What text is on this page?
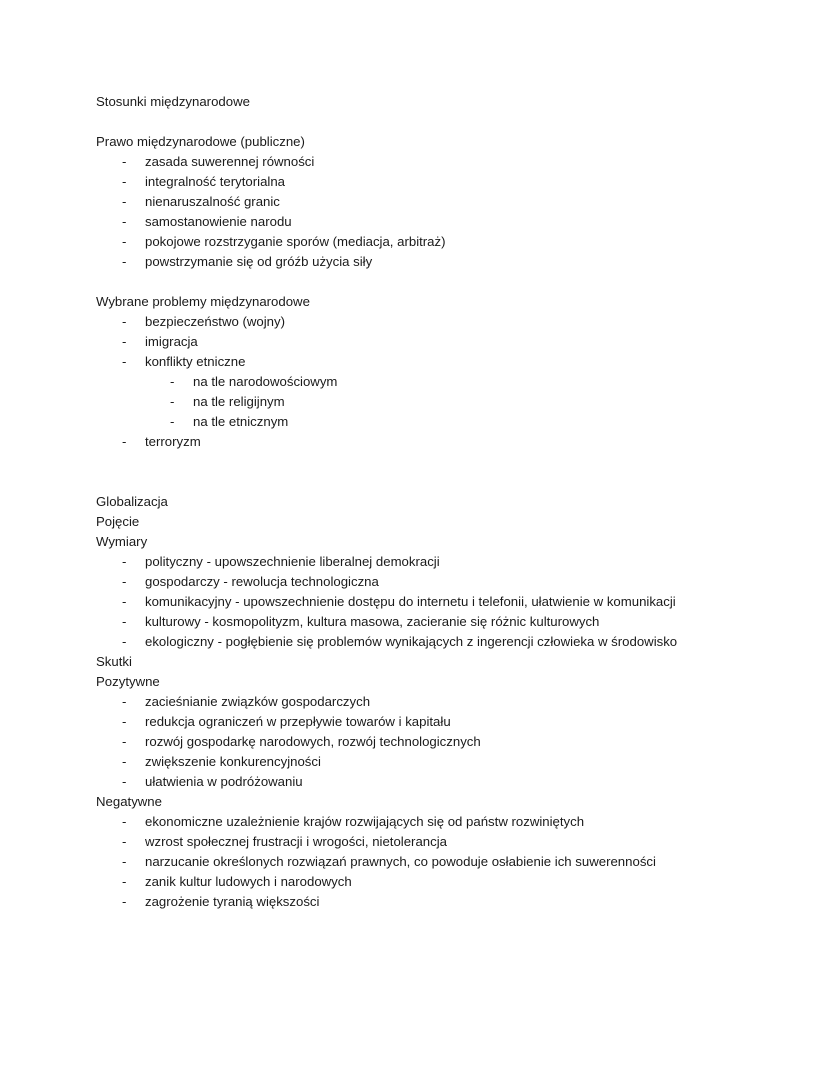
Stosunki międzynarodowe

Prawo międzynarodowe (publiczne)

-	zasada suwerennej równości
-	integralność terytorialna
-	nienaruszalność granic
-	samostanowienie narodu
-	pokojowe rozstrzyganie sporów (mediacja, arbitraż)
-	powstrzymanie się od gróźb użycia siły

Wybrane problemy międzynarodowe

-	bezpieczeństwo (wojny)
-	imigracja
-	konflikty etniczne
-	na tle narodowościowym
-	na tle religijnym
-	na tle etnicznym
-	terroryzm

Globalizacja

Pojęcie

Wymiary

-	polityczny - upowszechnienie liberalnej demokracji
-	gospodarczy - rewolucja technologiczna
-	komunikacyjny - upowszechnienie dostępu do internetu i telefonii, ułatwienie w komunikacji
-	kulturowy - kosmopolityzm, kultura masowa, zacieranie się różnic kulturowych
-	ekologiczny - pogłębienie się problemów wynikających z ingerencji człowieka w środowisko

Skutki

Pozytywne

-	zacieśnianie związków gospodarczych
-	redukcja ograniczeń w przepływie towarów i kapitału
-	rozwój gospodarkę narodowych, rozwój technologicznych
-	zwiększenie konkurencyjności
-	ułatwienia w podróżowaniu

Negatywne

-	ekonomiczne uzależnienie krajów rozwijających się od państw rozwiniętych
-	wzrost społecznej frustracji i wrogości, nietolerancja
-	narzucanie określonych rozwiązań prawnych, co powoduje osłabienie ich suwerenności
-	zanik kultur ludowych i narodowych
-	zagrożenie tyranią większości
